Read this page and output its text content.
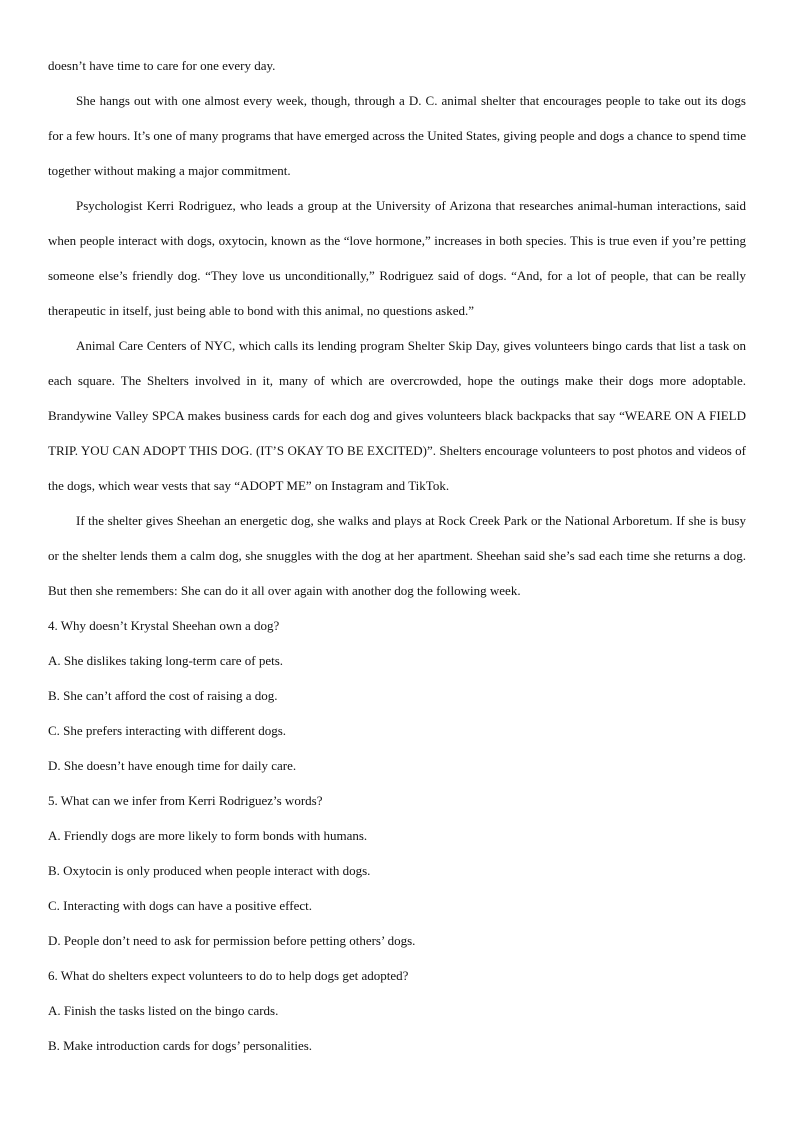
doesn’t have time to care for one every day.

She hangs out with one almost every week, though, through a D. C. animal shelter that encourages people to take out its dogs for a few hours. It’s one of many programs that have emerged across the United States, giving people and dogs a chance to spend time together without making a major commitment.

Psychologist Kerri Rodriguez, who leads a group at the University of Arizona that researches animal-human interactions, said when people interact with dogs, oxytocin, known as the “love hormone,” increases in both species. This is true even if you’re petting someone else’s friendly dog. “They love us unconditionally,” Rodriguez said of dogs. “And, for a lot of people, that can be really therapeutic in itself, just being able to bond with this animal, no questions asked.”

Animal Care Centers of NYC, which calls its lending program Shelter Skip Day, gives volunteers bingo cards that list a task on each square. The Shelters involved in it, many of which are overcrowded, hope the outings make their dogs more adoptable. Brandywine Valley SPCA makes business cards for each dog and gives volunteers black backpacks that say “WEARE ON A FIELD TRIP. YOU CAN ADOPT THIS DOG. (IT’S OKAY TO BE EXCITED)”. Shelters encourage volunteers to post photos and videos of the dogs, which wear vests that say “ADOPT ME” on Instagram and TikTok.

If the shelter gives Sheehan an energetic dog, she walks and plays at Rock Creek Park or the National Arboretum. If she is busy or the shelter lends them a calm dog, she snuggles with the dog at her apartment. Sheehan said she’s sad each time she returns a dog. But then she remembers: She can do it all over again with another dog the following week.

4. Why doesn’t Krystal Sheehan own a dog?

A. She dislikes taking long-term care of pets.

B. She can’t afford the cost of raising a dog.

C. She prefers interacting with different dogs.

D. She doesn’t have enough time for daily care.

5. What can we infer from Kerri Rodriguez’s words?

A. Friendly dogs are more likely to form bonds with humans.

B. Oxytocin is only produced when people interact with dogs.

C. Interacting with dogs can have a positive effect.

D. People don’t need to ask for permission before petting others’ dogs.

6. What do shelters expect volunteers to do to help dogs get adopted?

A. Finish the tasks listed on the bingo cards.

B. Make introduction cards for dogs’ personalities.
